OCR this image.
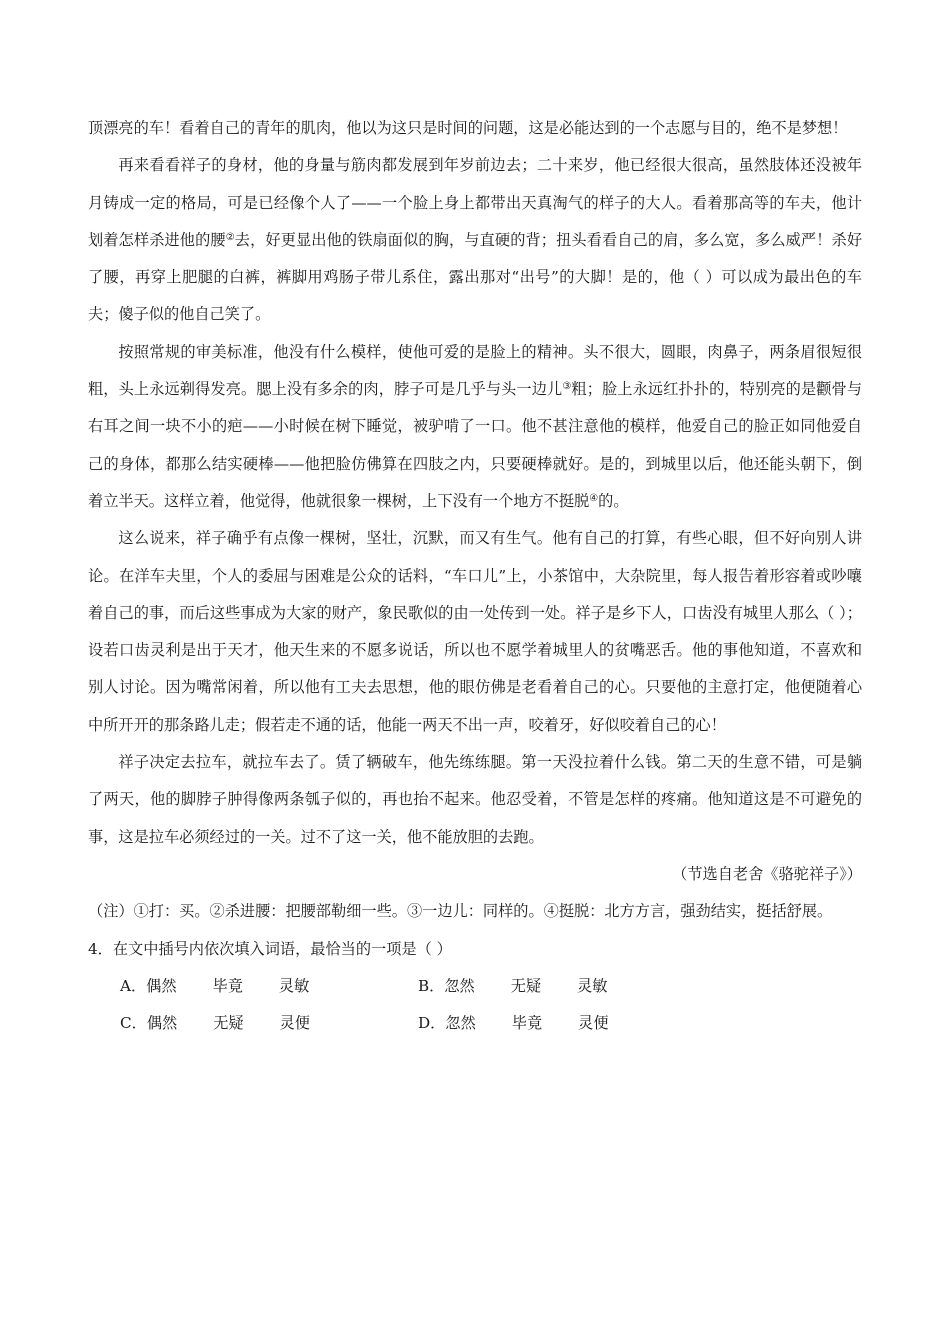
顶漂亮的车！看着自己的青年的肌肉，他以为这只是时间的问题，这是必能达到的一个志愿与目的，绝不是梦想！

再来看看祥子的身材，他的身量与筋肉都发展到年岁前边去；二十来岁，他已经很大很高，虽然肢体还没被年月铸成一定的格局，可是已经像个人了——一个脸上身上都带出天真淘气的样子的大人。看着那高等的车夫，他计划着怎样杀进他的腰②去，好更显出他的铁扇面似的胸，与直硬的背；扭头看看自己的肩，多么宽，多么威严！杀好了腰，再穿上肥腿的白裤，裤脚用鸡肠子带儿系住，露出那对“出号”的大脚！是的，他（ ）可以成为最出色的车夫；傻子似的他自己笑了。

按照常规的审美标准，他没有什么模样，使他可爱的是脸上的精神。头不很大，圆眼，肉鼻子，两条眉很短很粗，头上永远剃得发亮。腮上没有多余的肉，脖子可是几乎与头一边儿③粗；脸上永远红扑扑的，特别亮的是颧骨与右耳之间一块不小的疤——小时候在树下睡觉，被驴啃了一口。他不甚注意他的模样，他爱自己的脸正如同他爱自己的身体，都那么结实硬棒——他把脸仿佛算在四肢之内，只要硬棒就好。是的，到城里以后，他还能头朝下，倒着立半天。这样立着，他觉得，他就很象一棵树，上下没有一个地方不挺脱④的。

这么说来，祥子确乎有点像一棵树，坚壮，沉默，而又有生气。他有自己的打算，有些心眼，但不好向别人讲论。在洋车夫里，个人的委屈与困难是公众的话料，“车口儿”上，小茶馆中，大杂院里，每人报告着形容着或吵嚷着自己的事，而后这些事成为大家的财产，象民歌似的由一处传到一处。祥子是乡下人，口齿没有城里人那么（ ）；设若口齿灵利是出于天才，他天生来的不愿多说话，所以也不愿学着城里人的贫嘴恶舌。他的事他知道，不喜欢和别人讨论。因为嘴常闲着，所以他有工夫去思想，他的眼仿佛是老看着自己的心。只要他的主意打定，他便随着心中所开开的那条路儿走；假若走不通的话，他能一两天不出一声，咬着牙，好似咬着自己的心！

祥子决定去拉车，就拉车去了。赁了辆破车，他先练练腿。第一天没拉着什么钱。第二天的生意不错，可是躺了两天，他的脚脖子肿得像两条瓠子似的，再也抬不起来。他忍受着，不管是怎样的疼痛。他知道这是不可避免的事，这是拉车必须经过的一关。过不了这一关，他不能放胆的去跑。

（节选自老舍《骆驼祥子》）

（注）①打：买。②杀进腰：把腰部勒细一些。③一边儿：同样的。④挺脱：北方方言，强劲结实，挺括舒展。

4．在文中插号内依次填入词语，最恰当的一项是（ ）

A．偶然 毕竟 灵敏	B．忽然 无疑 灵敏
C．偶然 无疑 灵便	D．忽然 毕竟 灵便
